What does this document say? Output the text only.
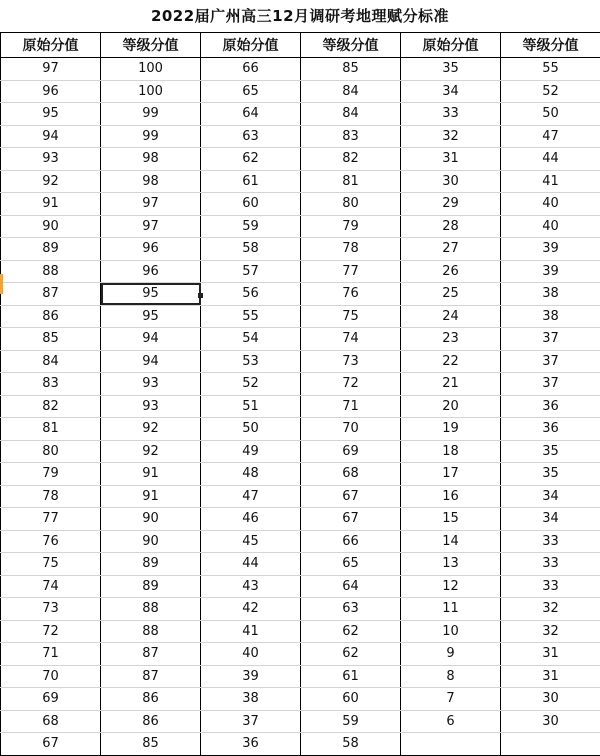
2022届广州高三12月调研考地理赋分标准
原始分值	等级分值	原始分值	等级分值	原始分值	等级分值
97	100	66	85	35	55
96	100	65	84	34	52
95	99	64	84	33	50
94	99	63	83	32	47
93	98	62	82	31	44
92	98	61	81	30	41
91	97	60	80	29	40
90	97	59	79	28	40
89	96	58	78	27	39
88	96	57	77	26	39
87	95	56	76	25	38
86	95	55	75	24	38
85	94	54	74	23	37
84	94	53	73	22	37
83	93	52	72	21	37
82	93	51	71	20	36
81	92	50	70	19	36
80	92	49	69	18	35
79	91	48	68	17	35
78	91	47	67	16	34
77	90	46	67	15	34
76	90	45	66	14	33
75	89	44	65	13	33
74	89	43	64	12	33
73	88	42	63	11	32
72	88	41	62	10	32
71	87	40	62	9	31
70	87	39	61	8	31
69	86	38	60	7	30
68	86	37	59	6	30
67	85	36	58		
